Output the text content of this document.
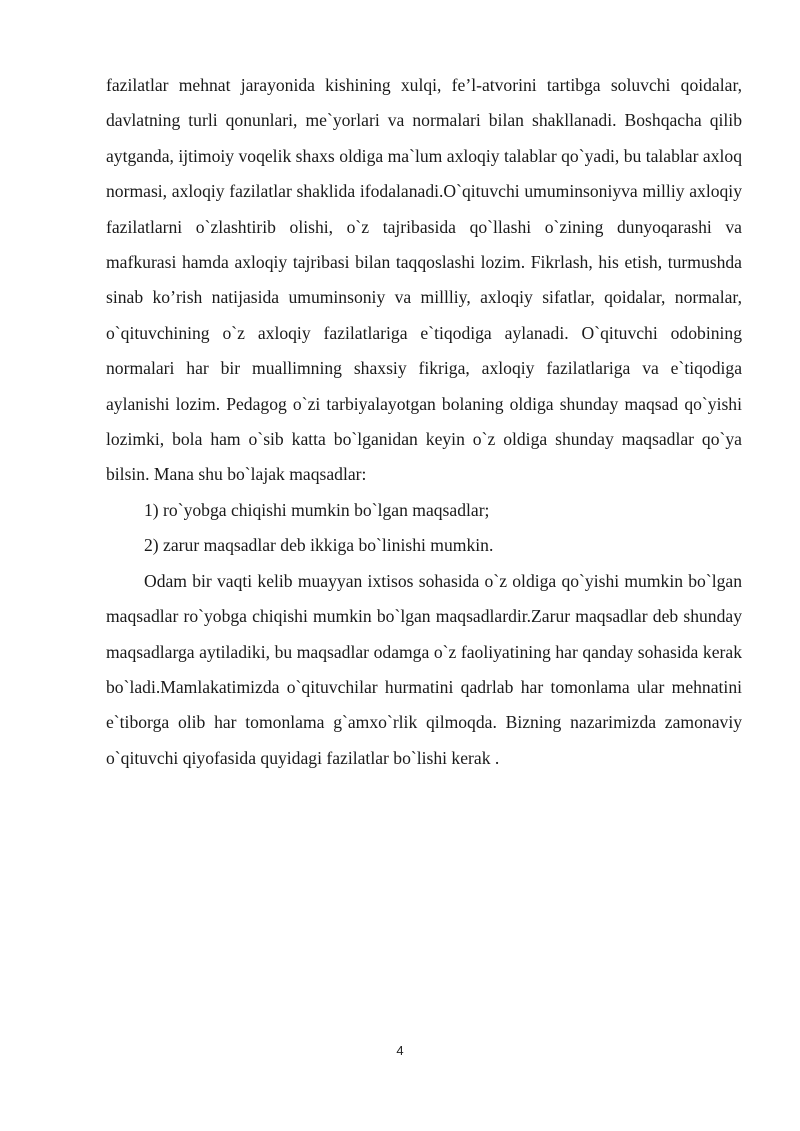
fazilatlar mehnat jarayonida kishining xulqi, fe’l-atvorini tartibga soluvchi qoidalar, davlatning turli qonunlari, me`yorlari va normalari bilan shakllanadi. Boshqacha qilib aytganda, ijtimoiy voqelik shaxs oldiga ma`lum axloqiy talablar qo`yadi, bu talablar axloq normasi, axloqiy fazilatlar shaklida ifodalanadi.O`qituvchi umuminsoniyva milliy axloqiy fazilatlarni o`zlashtirib olishi, o`z tajribasida qo`llashi o`zining dunyoqarashi va mafkurasi hamda axloqiy tajribasi bilan taqqoslashi lozim. Fikrlash, his etish, turmushda sinab ko’rish natijasida umuminsoniy va millliy, axloqiy sifatlar, qoidalar, normalar, o`qituvchining o`z axloqiy fazilatlariga e`tiqodiga aylanadi. O`qituvchi odobining normalari har bir muallimning shaxsiy fikriga, axloqiy fazilatlariga va e`tiqodiga aylanishi lozim. Pedagog o`zi tarbiyalayotgan bolaning oldiga shunday maqsad qo`yishi lozimki, bola ham o`sib katta bo`lganidan keyin o`z oldiga shunday maqsadlar qo`ya bilsin. Mana shu bo`lajak maqsadlar:

1) ro`yobga chiqishi mumkin bo`lgan maqsadlar;

2) zarur maqsadlar deb ikkiga bo`linishi mumkin.

Odam bir vaqti kelib muayyan ixtisos sohasida o`z oldiga qo`yishi mumkin bo`lgan maqsadlar ro`yobga chiqishi mumkin bo`lgan maqsadlardir.Zarur maqsadlar deb shunday maqsadlarga aytiladiki, bu maqsadlar odamga o`z faoliyatining har qanday sohasida kerak bo`ladi.Mamlakatimizda o`qituvchilar hurmatini qadrlab har tomonlama ular mehnatini e`tiborga olib har tomonlama g`amxo`rlik qilmoqda. Bizning nazarimizda zamonaviy o`qituvchi qiyofasida quyidagi fazilatlar bo`lishi kerak .

4
